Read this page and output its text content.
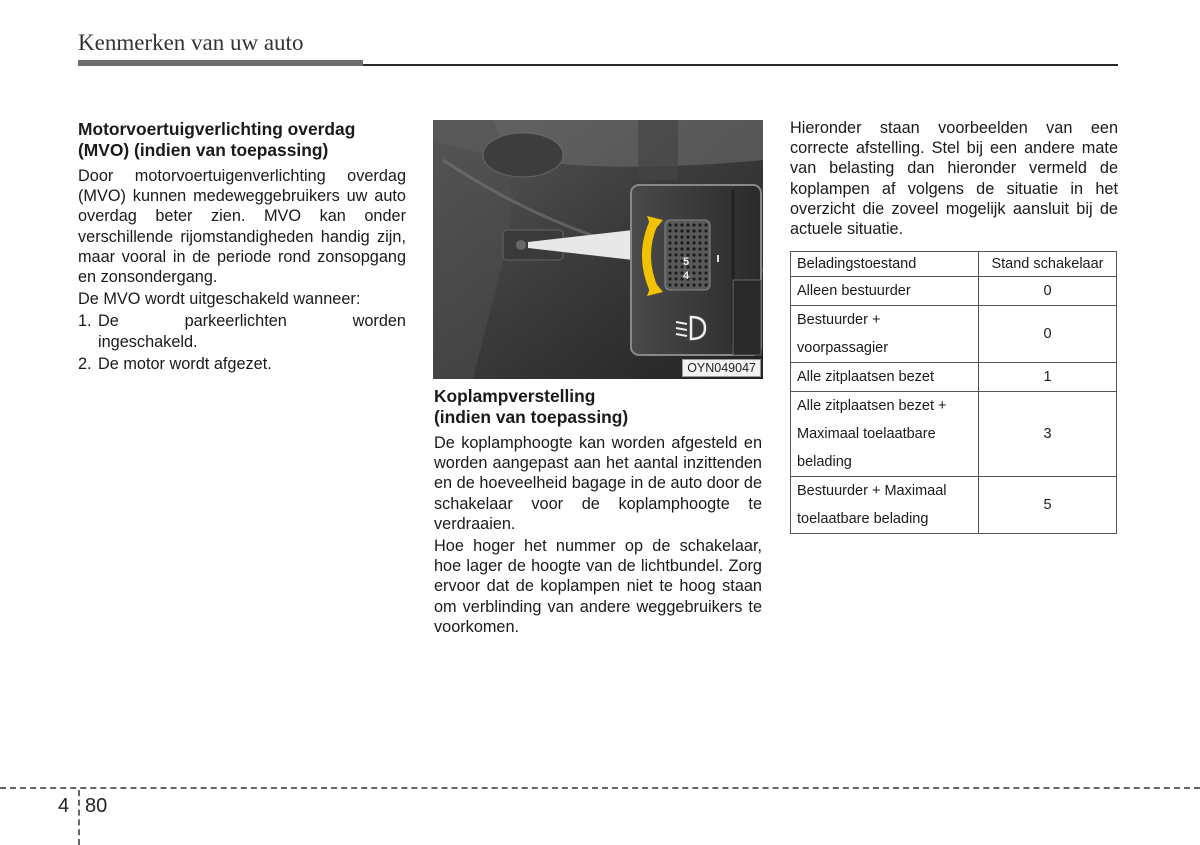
Kenmerken van uw auto
Motorvoertuigverlichting overdag
(MVO) (indien van toepassing)

Door motorvoertuigenverlichting overdag (MVO) kunnen medeweggebruikers uw auto overdag beter zien. MVO kan onder verschillende rijomstandigheden handig zijn, maar vooral in de periode rond zonsopgang en zonsondergang.

De MVO wordt uitgeschakeld wanneer:

1. De	parkeerlichten	worden
ingeschakeld.
2. De motor wordt afgezet.
5
4
OYN049047
Koplampverstelling
(indien van toepassing)

De koplamphoogte kan worden afgesteld en worden aangepast aan het aantal inzittenden en de hoeveelheid bagage in de auto door de schakelaar voor de koplamphoogte te verdraaien.

Hoe hoger het nummer op de schakelaar, hoe lager de hoogte van de lichtbundel. Zorg ervoor dat de koplampen niet te hoog staan om verblinding van andere weggebruikers te voorkomen.

Hieronder staan voorbeelden van een correcte afstelling. Stel bij een andere mate van belasting dan hieronder vermeld de koplampen af volgens de situatie in het overzicht die zoveel mogelijk aansluit bij de actuele situatie.

Beladingstoestand	Stand schakelaar
Alleen bestuurder	0
Bestuurder +
voorpassagier	0
Alle zitplaatsen bezet	1
Alle zitplaatsen bezet +
Maximaal toelaatbare
belading	3
Bestuurder + Maximaal
toelaatbare belading	5
4 80
